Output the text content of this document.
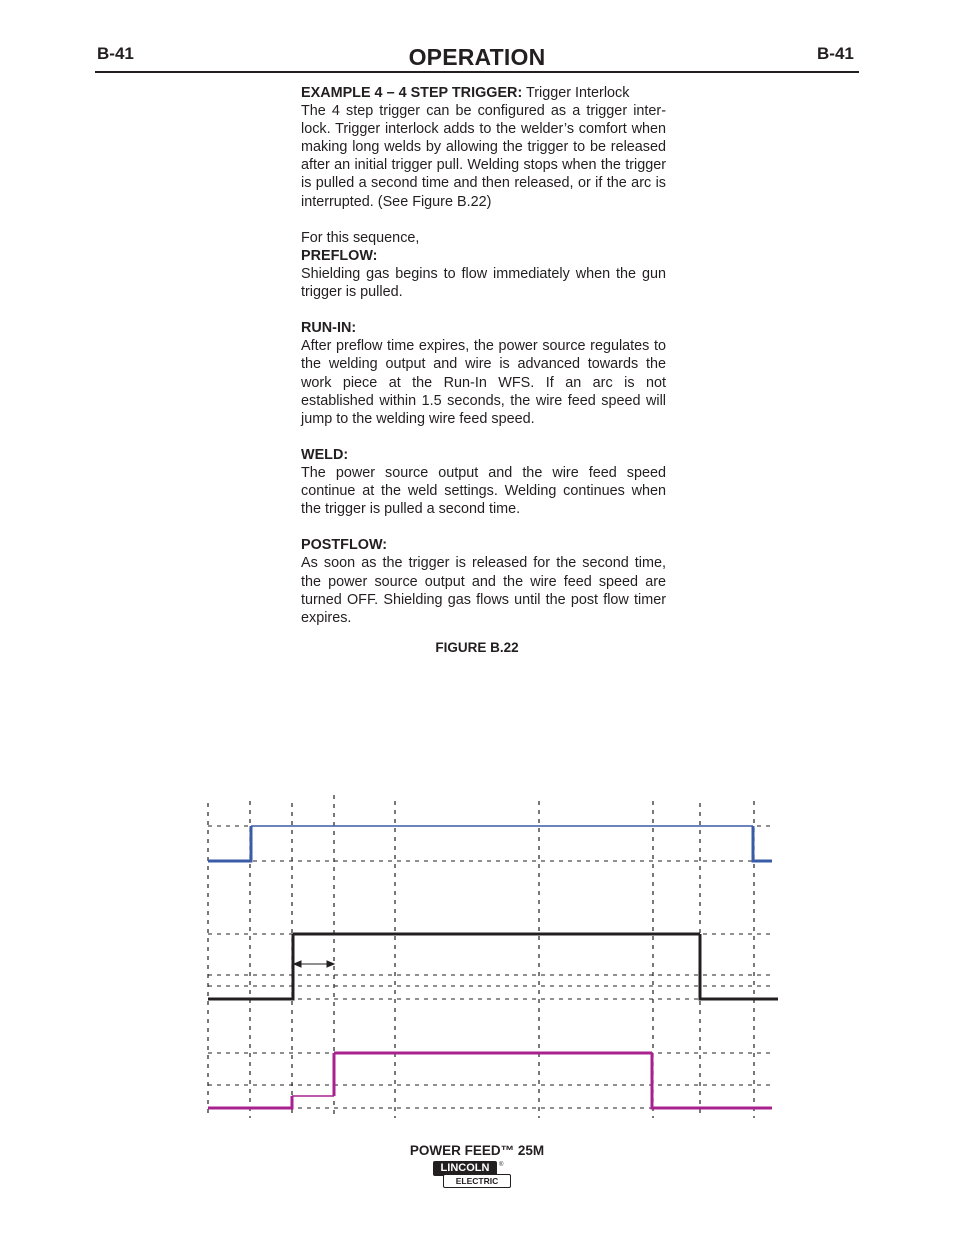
B-41	OPERATION	B-41

EXAMPLE 4 – 4 STEP TRIGGER: Trigger Interlock

The 4 step trigger can be configured as a trigger inter-lock. Trigger interlock adds to the welder’s comfort when making long welds by allowing the trigger to be released after an initial trigger pull. Welding stops when the trigger is pulled a second time and then released, or if the arc is interrupted. (See Figure B.22)

For this sequence,

PREFLOW:

Shielding gas begins to flow immediately when the gun trigger is pulled.

RUN-IN:

After preflow time expires, the power source regulates to the welding output and wire is advanced towards the work piece at the Run-In WFS. If an arc is not established within 1.5 seconds, the wire feed speed will jump to the welding wire feed speed.

WELD:

The power source output and the wire feed speed continue at the weld settings. Welding continues when the trigger is pulled a second time.

POSTFLOW:

As soon as the trigger is released for the second time, the power source output and the wire feed speed are turned OFF. Shielding gas flows until the post flow timer expires.

FIGURE B.22
POWER FEED™ 25M
LINCOLN
ELECTRIC
®
